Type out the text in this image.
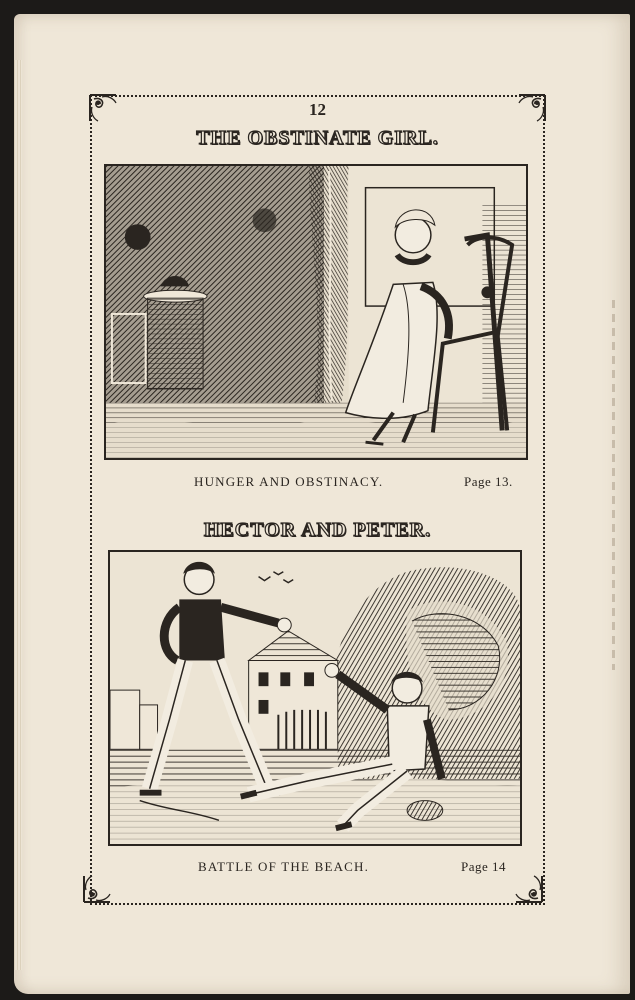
12
THE OBSTINATE GIRL.
HUNGER AND OBSTINACY.	Page 13.
HECTOR AND PETER.
BATTLE OF THE BEACH.	Page 14
